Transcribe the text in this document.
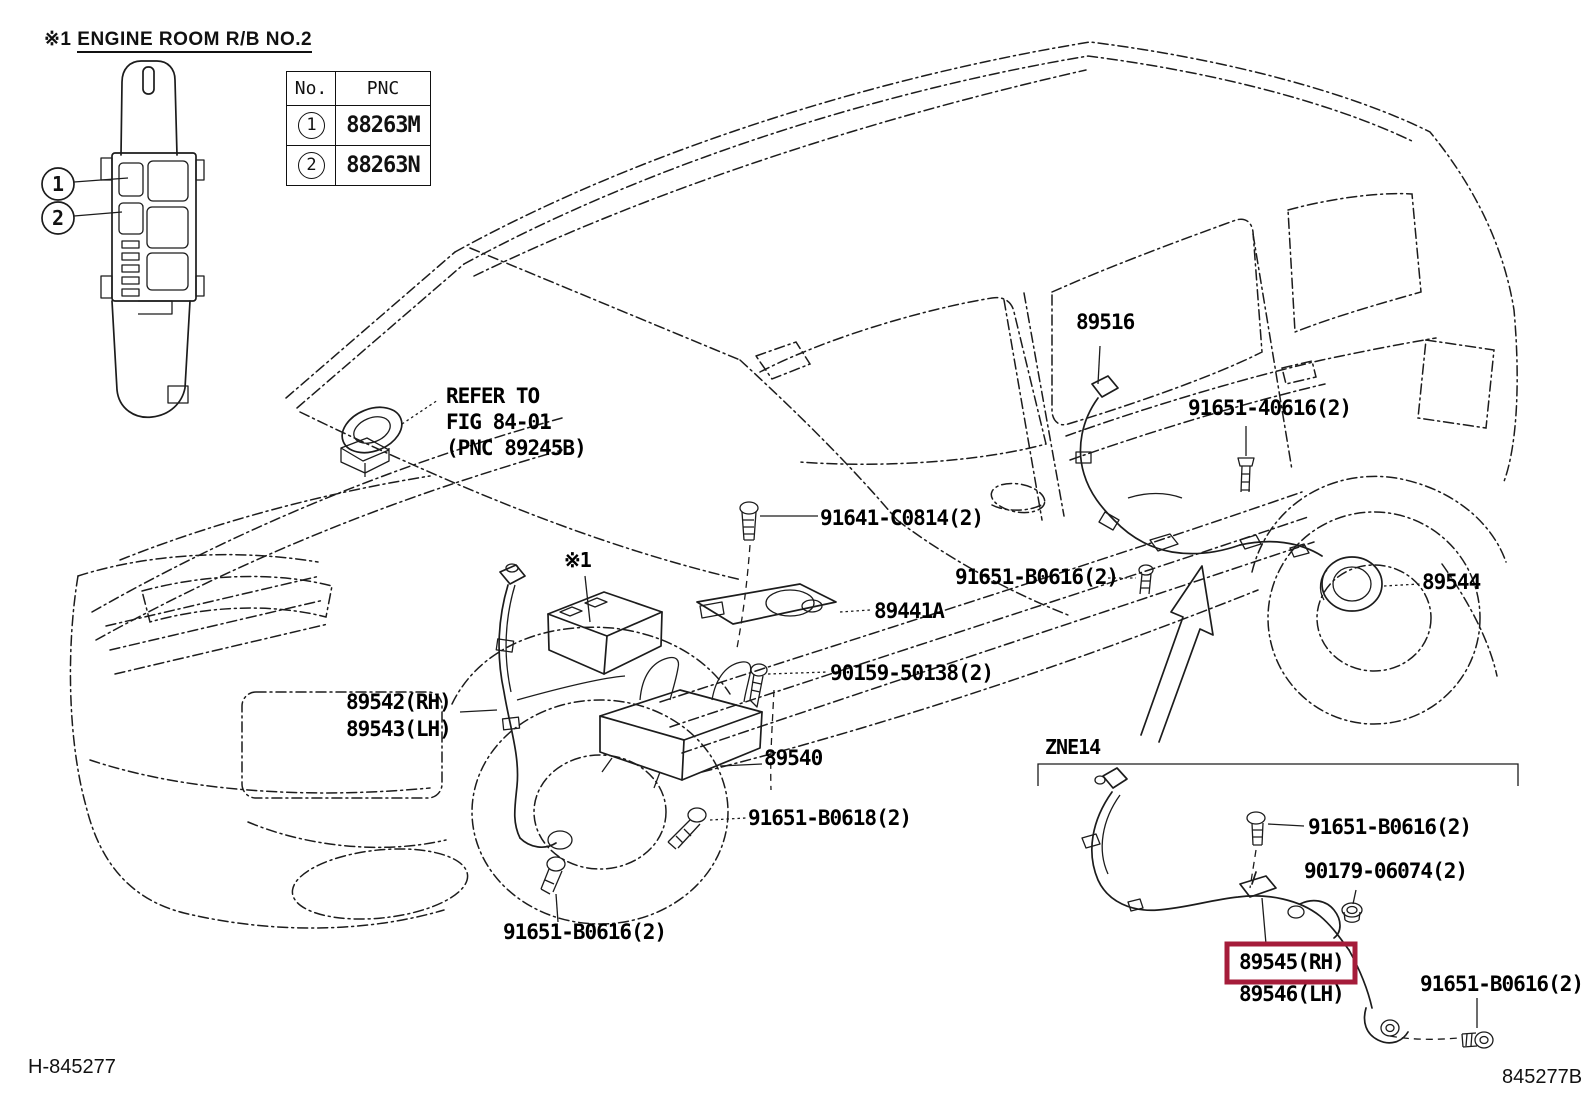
1
2
※1 ENGINE ROOM R/B NO.2
No.	PNC
1	88263M
2	88263N
REFER TO
FIG 84-01
(PNC 89245B)
※1
91641-C0814(2)
89441A
89516
91651-40616(2)
91651-B0616(2)	89544
89542(RH)
89543(LH)
90159-50138(2)
89540
91651-B0618(2)
91651-B0616(2)
ZNE14
91651-B0616(2)
90179-06074(2)
89545(RH)
89546(LH)	91651-B0616(2)
H-845277	845277B
